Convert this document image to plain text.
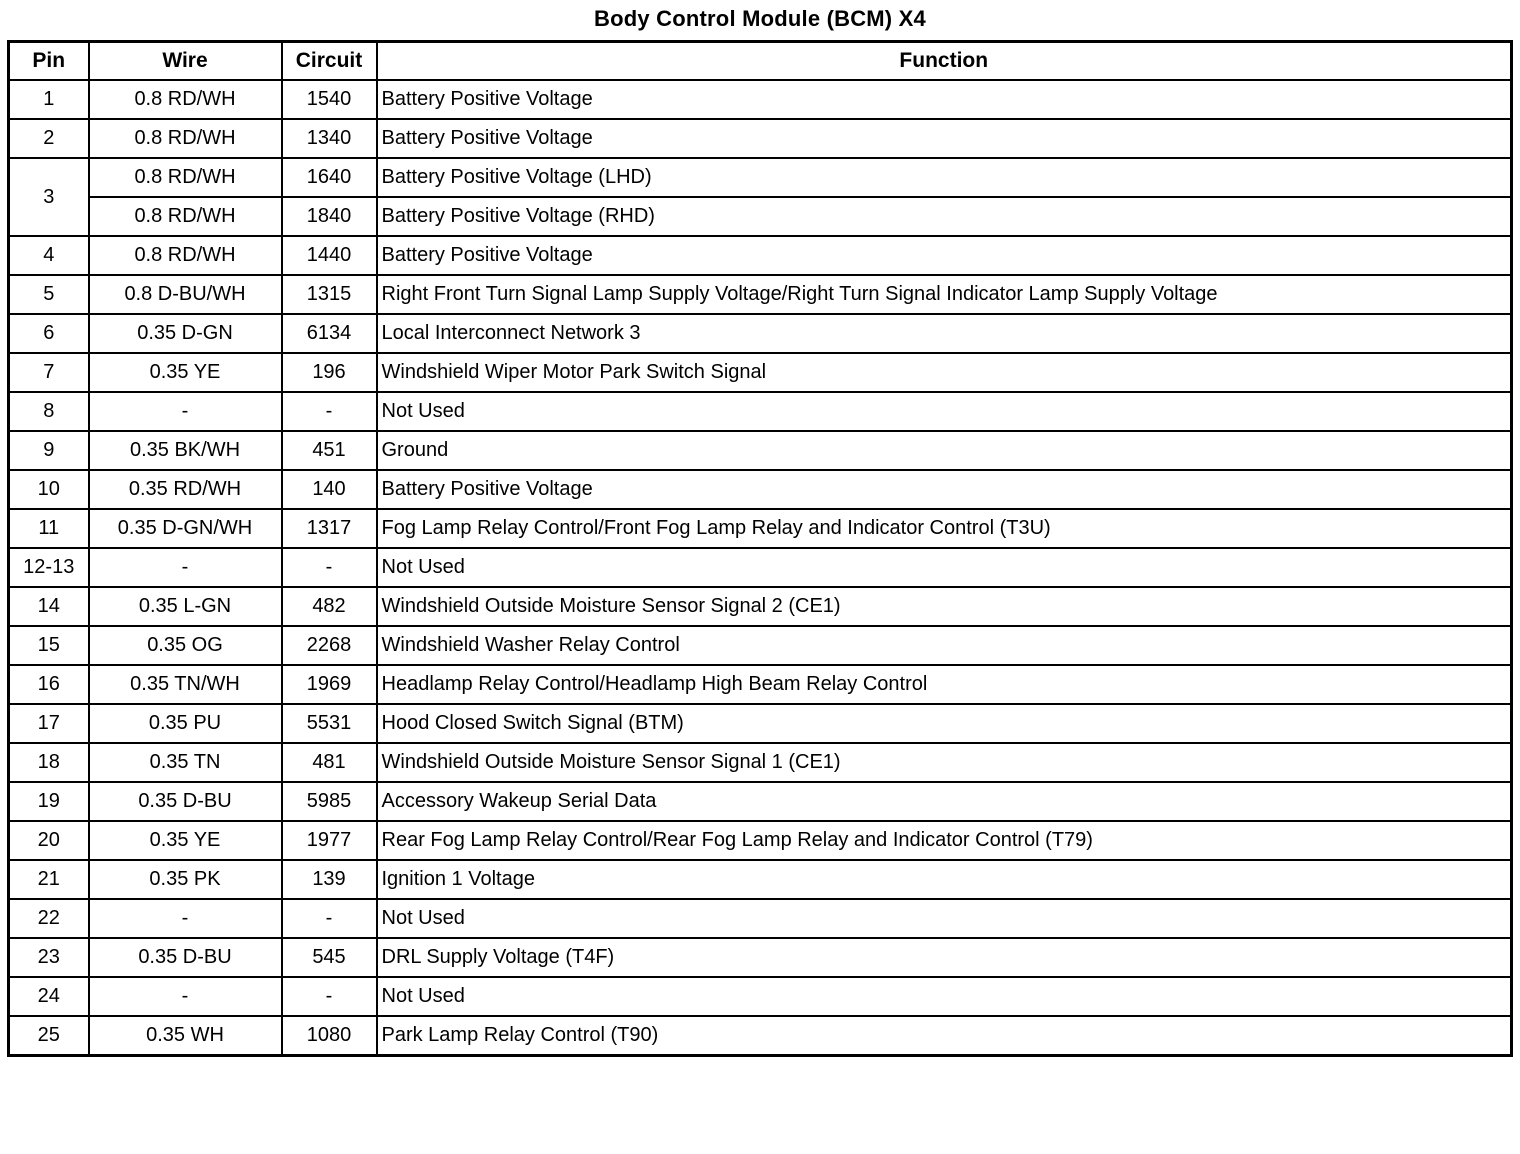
Body Control Module (BCM) X4
Pin	Wire	Circuit	Function
1	0.8 RD/WH	1540	Battery Positive Voltage
2	0.8 RD/WH	1340	Battery Positive Voltage
3	0.8 RD/WH	1640	Battery Positive Voltage (LHD)
	0.8 RD/WH	1840	Battery Positive Voltage (RHD)
4	0.8 RD/WH	1440	Battery Positive Voltage
5	0.8 D-BU/WH	1315	Right Front Turn Signal Lamp Supply Voltage/Right Turn Signal Indicator Lamp Supply Voltage
6	0.35 D-GN	6134	Local Interconnect Network 3
7	0.35 YE	196	Windshield Wiper Motor Park Switch Signal
8	-	-	Not Used
9	0.35 BK/WH	451	Ground
10	0.35 RD/WH	140	Battery Positive Voltage
11	0.35 D-GN/WH	1317	Fog Lamp Relay Control/Front Fog Lamp Relay and Indicator Control (T3U)
12-13	-	-	Not Used
14	0.35 L-GN	482	Windshield Outside Moisture Sensor Signal 2 (CE1)
15	0.35 OG	2268	Windshield Washer Relay Control
16	0.35 TN/WH	1969	Headlamp Relay Control/Headlamp High Beam Relay Control
17	0.35 PU	5531	Hood Closed Switch Signal (BTM)
18	0.35 TN	481	Windshield Outside Moisture Sensor Signal 1 (CE1)
19	0.35 D-BU	5985	Accessory Wakeup Serial Data
20	0.35 YE	1977	Rear Fog Lamp Relay Control/Rear Fog Lamp Relay and Indicator Control (T79)
21	0.35 PK	139	Ignition 1 Voltage
22	-	-	Not Used
23	0.35 D-BU	545	DRL Supply Voltage (T4F)
24	-	-	Not Used
25	0.35 WH	1080	Park Lamp Relay Control (T90)
